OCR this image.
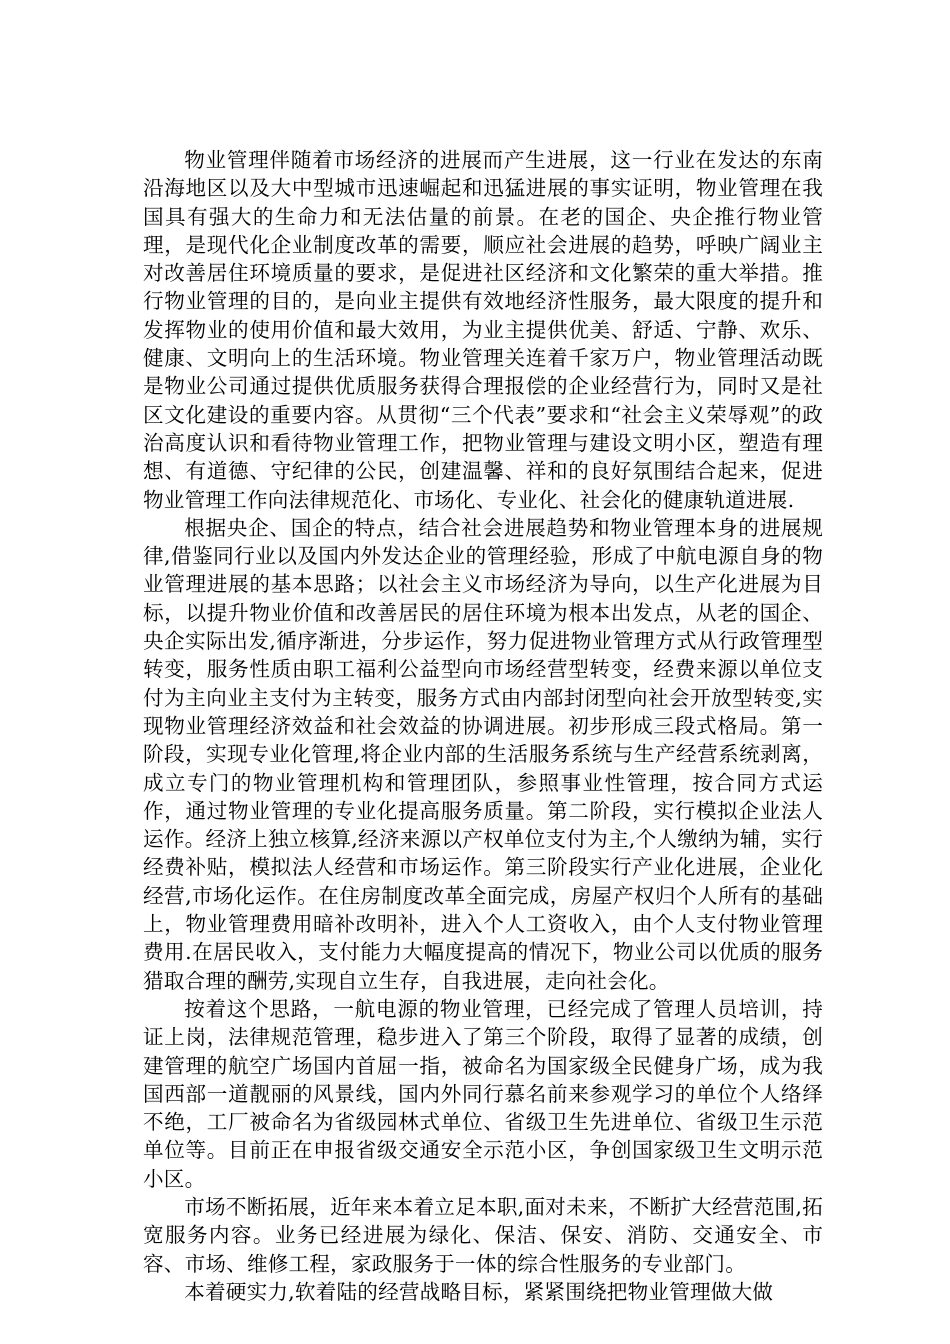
物业管理伴随着市场经济的进展而产生进展，这一行业在发达的东南沿海地区以及大中型城市迅速崛起和迅猛进展的事实证明，物业管理在我国具有强大的生命力和无法估量的前景。在老的国企、央企推行物业管理，是现代化企业制度改革的需要，顺应社会进展的趋势，呼映广阔业主对改善居住环境质量的要求，是促进社区经济和文化繁荣的重大举措。推行物业管理的目的，是向业主提供有效地经济性服务，最大限度的提升和发挥物业的使用价值和最大效用，为业主提供优美、舒适、宁静、欢乐、健康、文明向上的生活环境。物业管理关连着千家万户，物业管理活动既是物业公司通过提供优质服务获得合理报偿的企业经营行为，同时又是社区文化建设的重要内容。从贯彻“三个代表”要求和“社会主义荣辱观”的政治高度认识和看待物业管理工作，把物业管理与建设文明小区，塑造有理想、有道德、守纪律的公民，创建温馨、祥和的良好氛围结合起来，促进物业管理工作向法律规范化、市场化、专业化、社会化的健康轨道进展.

根据央企、国企的特点，结合社会进展趋势和物业管理本身的进展规律,借鉴同行业以及国内外发达企业的管理经验，形成了中航电源自身的物业管理进展的基本思路；以社会主义市场经济为导向，以生产化进展为目标，以提升物业价值和改善居民的居住环境为根本出发点，从老的国企、央企实际出发,循序渐进，分步运作，努力促进物业管理方式从行政管理型转变，服务性质由职工福利公益型向市场经营型转变，经费来源以单位支付为主向业主支付为主转变，服务方式由内部封闭型向社会开放型转变,实现物业管理经济效益和社会效益的协调进展。初步形成三段式格局。第一阶段，实现专业化管理,将企业内部的生活服务系统与生产经营系统剥离，成立专门的物业管理机构和管理团队，参照事业性管理，按合同方式运作，通过物业管理的专业化提高服务质量。第二阶段，实行模拟企业法人运作。经济上独立核算,经济来源以产权单位支付为主,个人缴纳为辅，实行经费补贴，模拟法人经营和市场运作。第三阶段实行产业化进展，企业化经营,市场化运作。在住房制度改革全面完成，房屋产权归个人所有的基础上，物业管理费用暗补改明补，进入个人工资收入，由个人支付物业管理费用.在居民收入，支付能力大幅度提高的情况下，物业公司以优质的服务猎取合理的酬劳,实现自立生存，自我进展，走向社会化。

按着这个思路，一航电源的物业管理，已经完成了管理人员培训，持证上岗，法律规范管理，稳步进入了第三个阶段，取得了显著的成绩，创建管理的航空广场国内首屈一指，被命名为国家级全民健身广场，成为我国西部一道靓丽的风景线，国内外同行慕名前来参观学习的单位个人络绎不绝，工厂被命名为省级园林式单位、省级卫生先进单位、省级卫生示范单位等。目前正在申报省级交通安全示范小区，争创国家级卫生文明示范小区。

市场不断拓展，近年来本着立足本职,面对未来，不断扩大经营范围,拓宽服务内容。业务已经进展为绿化、保洁、保安、消防、交通安全、市容、市场、维修工程，家政服务于一体的综合性服务的专业部门。

本着硬实力,软着陆的经营战略目标，紧紧围绕把物业管理做大做
